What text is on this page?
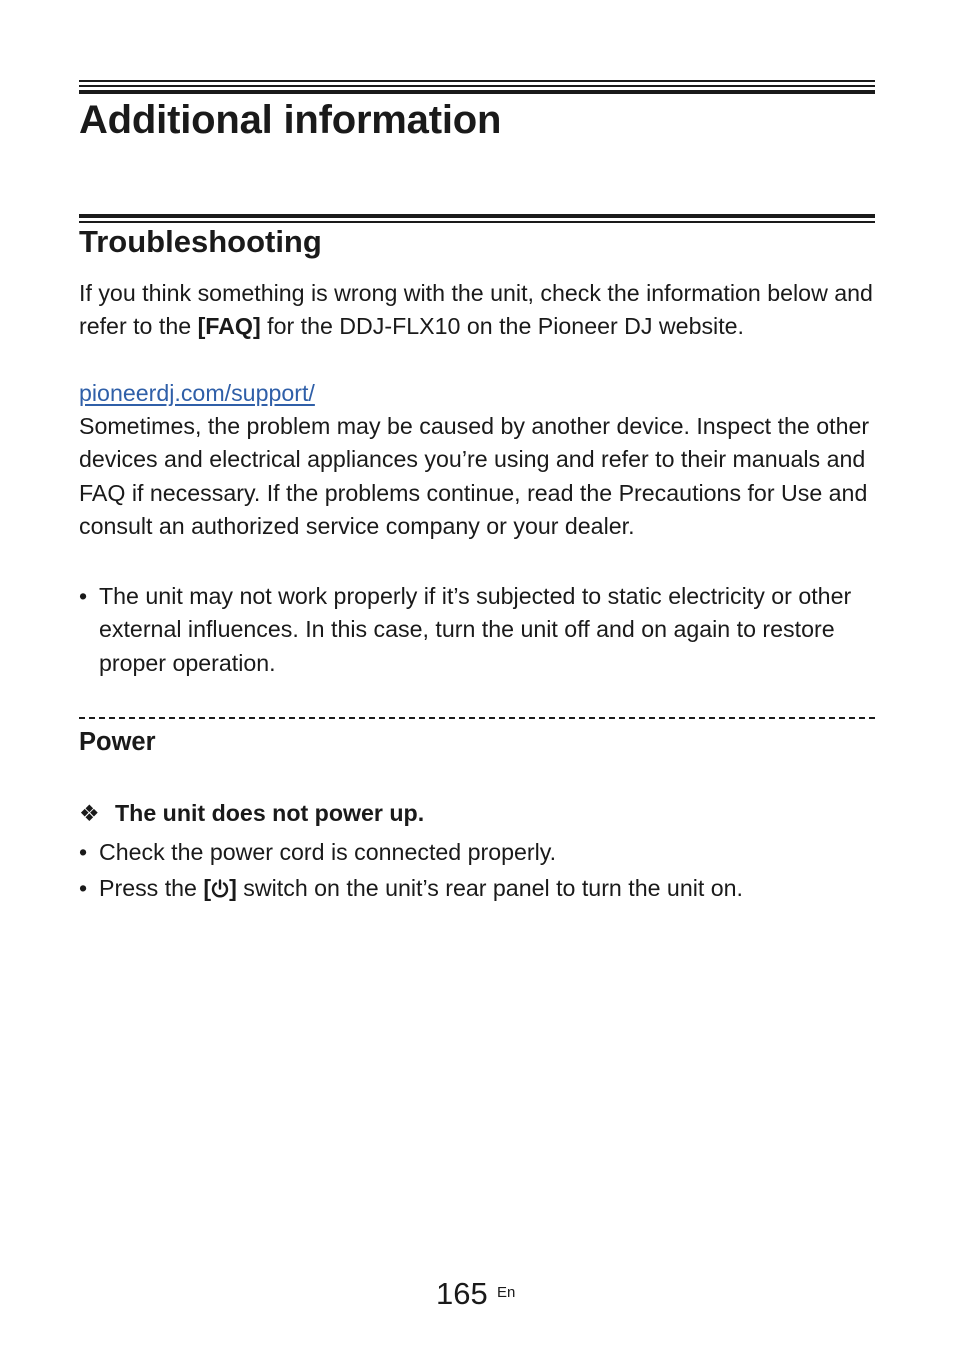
Additional information
Troubleshooting

If you think something is wrong with the unit, check the information below and refer to the [FAQ] for the DDJ-FLX10 on the Pioneer DJ website.

pioneerdj.com/support/

Sometimes, the problem may be caused by another device. Inspect the other devices and electrical appliances you’re using and refer to their manuals and FAQ if necessary. If the problems continue, read the Precautions for Use and consult an authorized service company or your dealer.

• The unit may not work properly if it’s subjected to static electricity or other external influences. In this case, turn the unit off and on again to restore proper operation.
Power
❖ The unit does not power up.
• Check the power cord is connected properly.
• Press the [ ] switch on the unit’s rear panel to turn the unit on.
165 En
